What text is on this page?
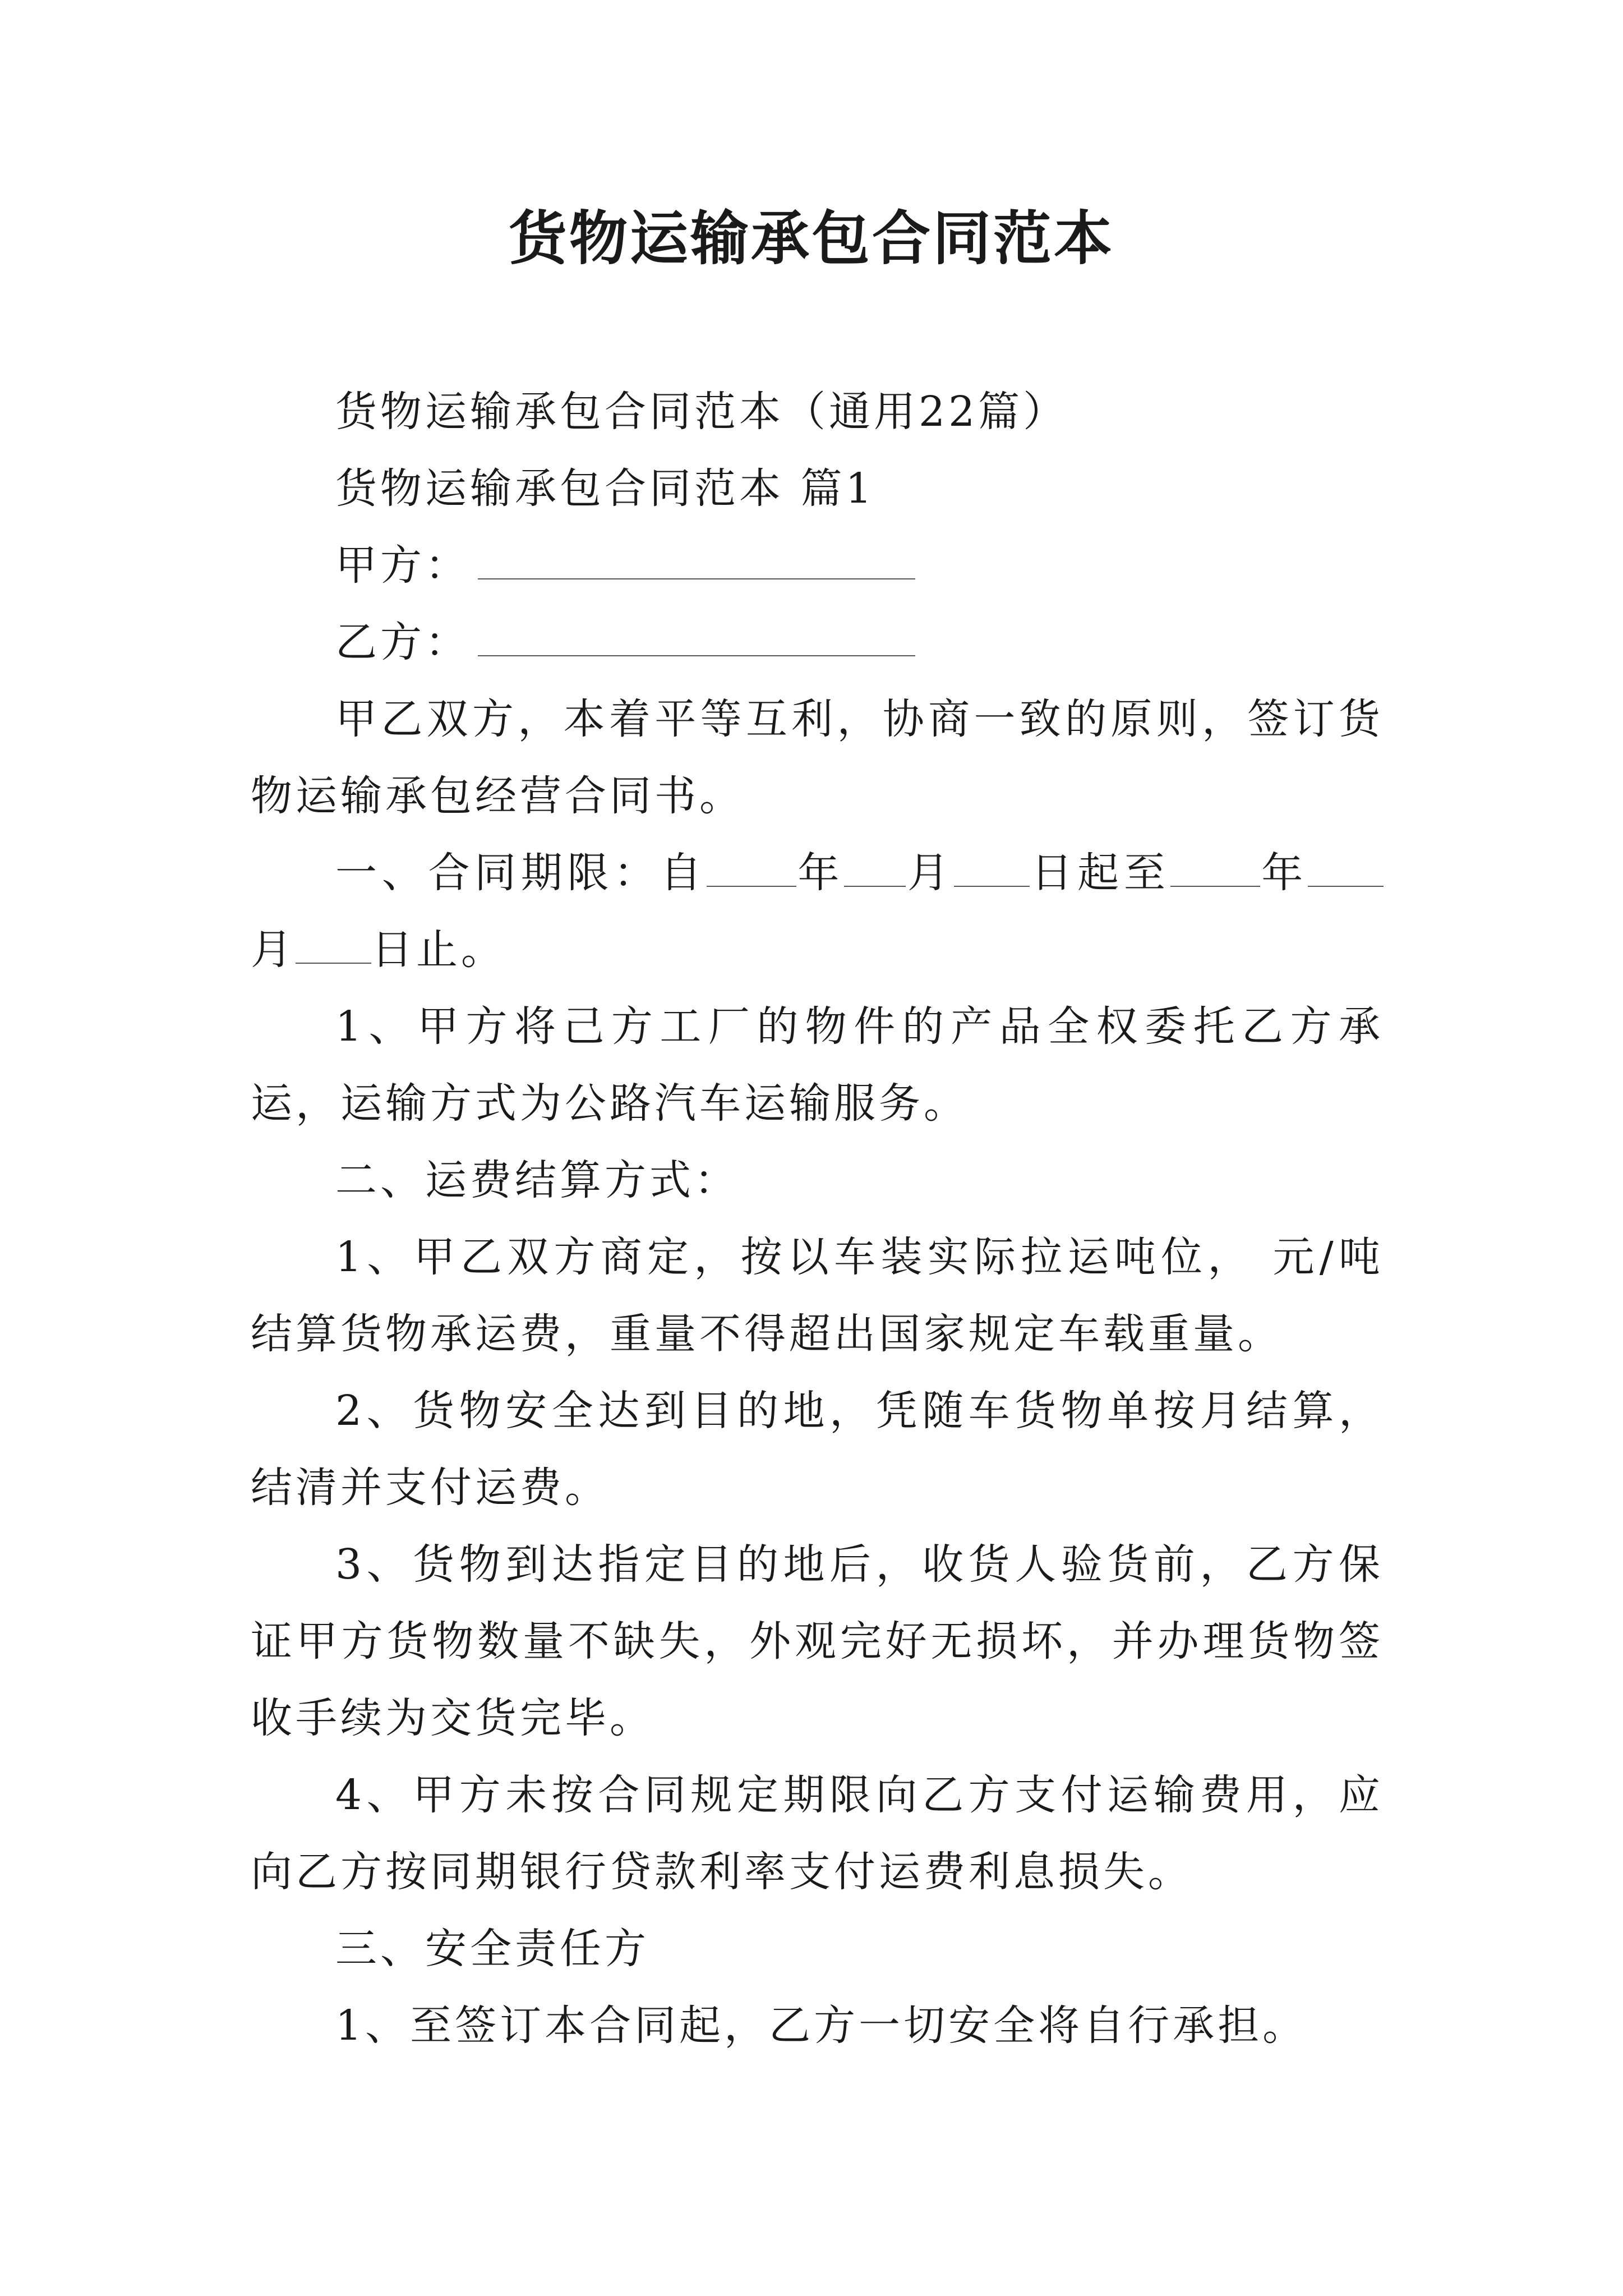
货物运输承包合同范本

货物运输承包合同范本（通用22篇）

货物运输承包合同范本 篇1

甲方：

乙方：

甲乙双方，本着平等互利，协商一致的原则，签订货物运输承包经营合同书。

一、合同期限：自 年 月 日起至 年月 日止。

1、甲方将己方工厂的物件的产品全权委托乙方承运，运输方式为公路汽车运输服务。

二、运费结算方式：

1、甲乙双方商定，按以车装实际拉运吨位， 元/吨结算货物承运费，重量不得超出国家规定车载重量。

2、货物安全达到目的地，凭随车货物单按月结算，结清并支付运费。

3、货物到达指定目的地后，收货人验货前，乙方保证甲方货物数量不缺失，外观完好无损坏，并办理货物签收手续为交货完毕。

4、甲方未按合同规定期限向乙方支付运输费用，应向乙方按同期银行贷款利率支付运费利息损失。

三、安全责任方

1、至签订本合同起，乙方一切安全将自行承担。
